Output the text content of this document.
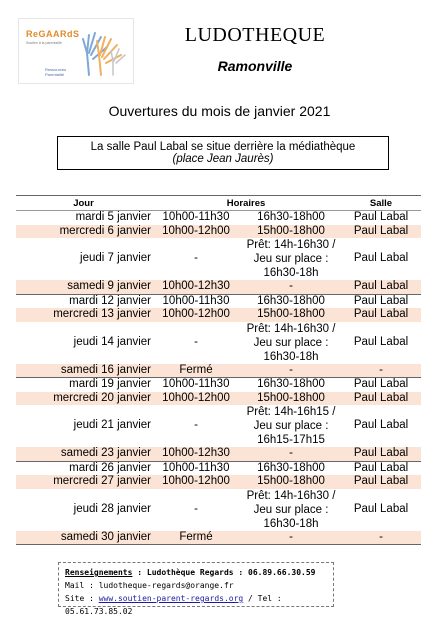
ReGAARdS
Soutien à la parentalité
Ressources Parentalité
LUDOTHEQUE
Ramonville
Ouvertures du mois de janvier 2021
La salle Paul Labal se situe derrière la médiathèque
(place Jean Jaurès)
Jour	Horaires		Salle
mardi 5 janvier	10h00-11h30	16h30-18h00	Paul Labal
mercredi 6 janvier	10h00-12h00	15h00-18h00	Paul Labal
jeudi 7 janvier	-	Prêt: 14h-16h30 / Jeu sur place : 16h30-18h	Paul Labal
samedi 9 janvier	10h00-12h30	-	Paul Labal
mardi 12 janvier	10h00-11h30	16h30-18h00	Paul Labal
mercredi 13 janvier	10h00-12h00	15h00-18h00	Paul Labal
jeudi 14 janvier	-	Prêt: 14h-16h30 / Jeu sur place : 16h30-18h	Paul Labal
samedi 16 janvier	Fermé	-	-
mardi 19 janvier	10h00-11h30	16h30-18h00	Paul Labal
mercredi 20 janvier	10h00-12h00	15h00-18h00	Paul Labal
jeudi 21 janvier	-	Prêt: 14h-16h15 / Jeu sur place : 16h15-17h15	Paul Labal
samedi 23 janvier	10h00-12h30	-	Paul Labal
mardi 26 janvier	10h00-11h30	16h30-18h00	Paul Labal
mercredi 27 janvier	10h00-12h00	15h00-18h00	Paul Labal
jeudi 28 janvier	-	Prêt: 14h-16h30 / Jeu sur place : 16h30-18h	Paul Labal
samedi 30 janvier	Fermé	-	-
Renseignements : Ludothèque Regards : 06.89.66.30.59
Mail : ludotheque-regards@orange.fr
Site : www.soutien-parent-regards.org / Tel : 05.61.73.85.02
